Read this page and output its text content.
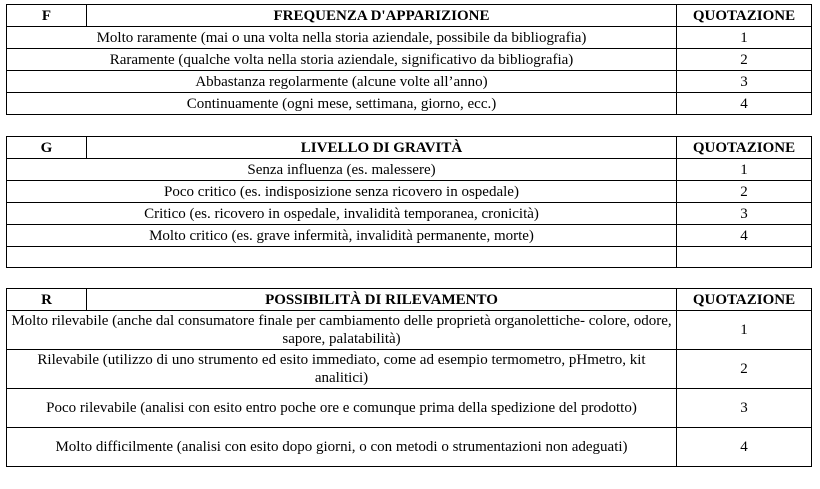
F	FREQUENZA D'APPARIZIONE	QUOTAZIONE
Molto raramente (mai o una volta nella storia aziendale, possibile da bibliografia)		1
Raramente (qualche volta nella storia aziendale, significativo da bibliografia)		2
Abbastanza regolarmente (alcune volte all’anno)		3
Continuamente (ogni mese, settimana, giorno, ecc.)		4
G	LIVELLO DI GRAVITÀ	QUOTAZIONE
Senza influenza (es. malessere)		1
Poco critico (es. indisposizione senza ricovero in ospedale)		2
Critico (es. ricovero in ospedale, invalidità temporanea, cronicità)		3
Molto critico (es. grave infermità, invalidità permanente, morte)		4

R	POSSIBILITÀ DI RILEVAMENTO	QUOTAZIONE
Molto rilevabile (anche dal consumatore finale per cambiamento delle proprietà organolettiche- colore, odore, sapore, palatabilità)		1
Rilevabile (utilizzo di uno strumento ed esito immediato, come ad esempio termometro, pHmetro, kit analitici)		2
Poco rilevabile (analisi con esito entro poche ore e comunque prima della spedizione del prodotto)		3
Molto difficilmente (analisi con esito dopo giorni, o con metodi o strumentazioni non adeguati)		4
